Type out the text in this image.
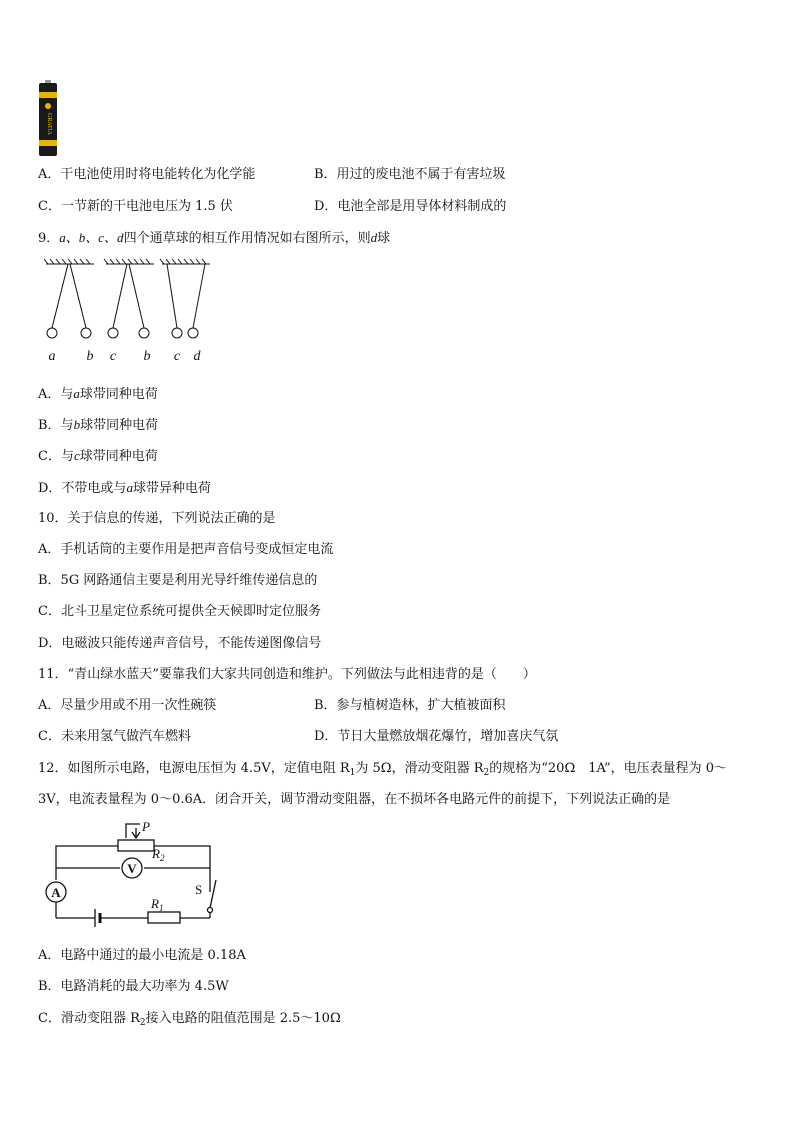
GRATIA
A．干电池使用时将电能转化为化学能	B．用过的废电池不属于有害垃圾
C．一节新的干电池电压为 1.5 伏	D．电池全部是用导体材料制成的
9．a、b、c、d四个通草球的相互作用情况如右图所示，则d球
a b c b c d
A．与a球带同种电荷
B．与b球带同种电荷
C．与c球带同种电荷
D．不带电或与a球带异种电荷
10．关于信息的传递，下列说法正确的是
A．手机话筒的主要作用是把声音信号变成恒定电流
B．5G 网路通信主要是利用光导纤维传递信息的
C．北斗卫星定位系统可提供全天候即时定位服务
D．电磁波只能传递声音信号，不能传递图像信号
11．“青山绿水蓝天”要靠我们大家共同创造和维护。下列做法与此相违背的是（　　）
A．尽量少用或不用一次性碗筷	B．参与植树造林，扩大植被面积
C．未来用氢气做汽车燃料	D．节日大量燃放烟花爆竹，增加喜庆气氛
12．如图所示电路，电源电压恒为 4.5V，定值电阻 $R_1$为 5Ω，滑动变阻器 $R_2$的规格为“20Ω　1A”，电压表量程为 0～
3V，电流表量程为 0～0.6A．闭合开关，调节滑动变阻器，在不损坏各电路元件的前提下，下列说法正确的是
P
$R_2$
V
A	S
$R_1$
A．电路中通过的最小电流是 0.18A
B．电路消耗的最大功率为 4.5W
C．滑动变阻器 $R_2$接入电路的阻值范围是 2.5～10Ω
